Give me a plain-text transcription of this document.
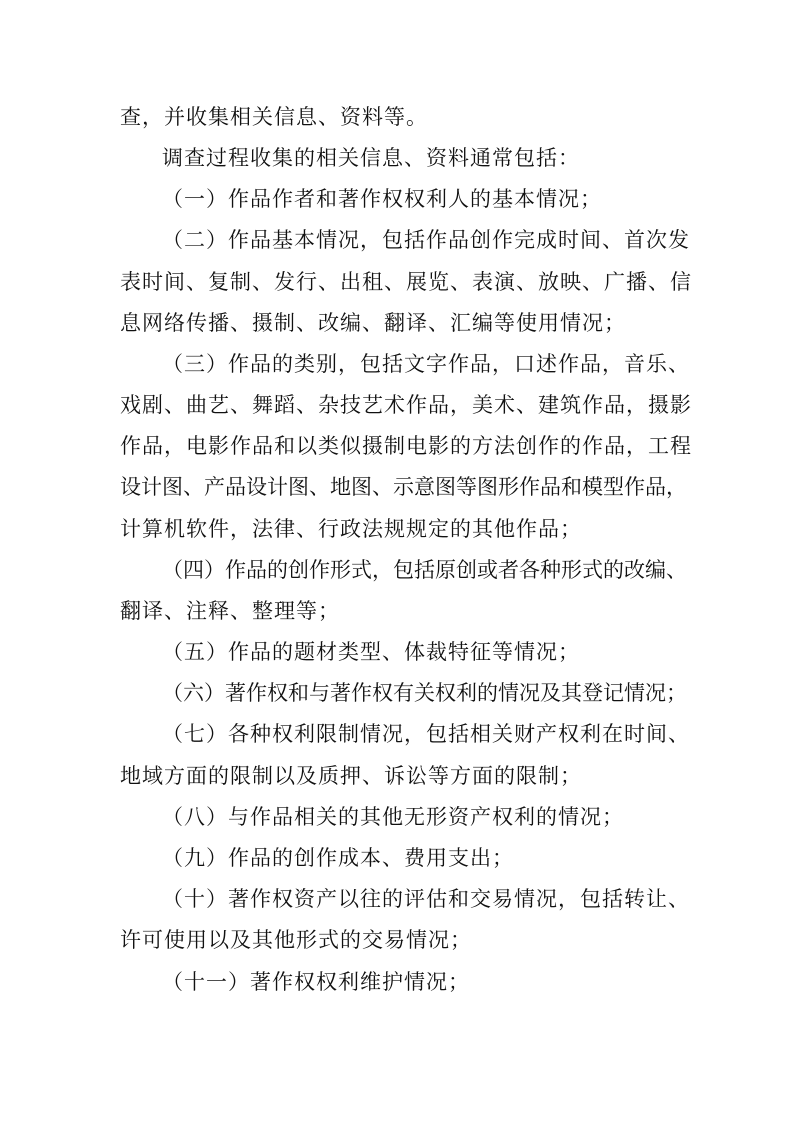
查，并收集相关信息、资料等。
调查过程收集的相关信息、资料通常包括：
（一）作品作者和著作权权利人的基本情况；
（二）作品基本情况，包括作品创作完成时间、首次发
表时间、复制、发行、出租、展览、表演、放映、广播、信
息网络传播、摄制、改编、翻译、汇编等使用情况；
（三）作品的类别，包括文字作品，口述作品，音乐、
戏剧、曲艺、舞蹈、杂技艺术作品，美术、建筑作品，摄影
作品，电影作品和以类似摄制电影的方法创作的作品，工程
设计图、产品设计图、地图、示意图等图形作品和模型作品，
计算机软件，法律、行政法规规定的其他作品；
（四）作品的创作形式，包括原创或者各种形式的改编、
翻译、注释、整理等；
（五）作品的题材类型、体裁特征等情况；
（六）著作权和与著作权有关权利的情况及其登记情况；
（七）各种权利限制情况，包括相关财产权利在时间、
地域方面的限制以及质押、诉讼等方面的限制；
（八）与作品相关的其他无形资产权利的情况；
（九）作品的创作成本、费用支出；
（十）著作权资产以往的评估和交易情况，包括转让、
许可使用以及其他形式的交易情况；
（十一）著作权权利维护情况；
